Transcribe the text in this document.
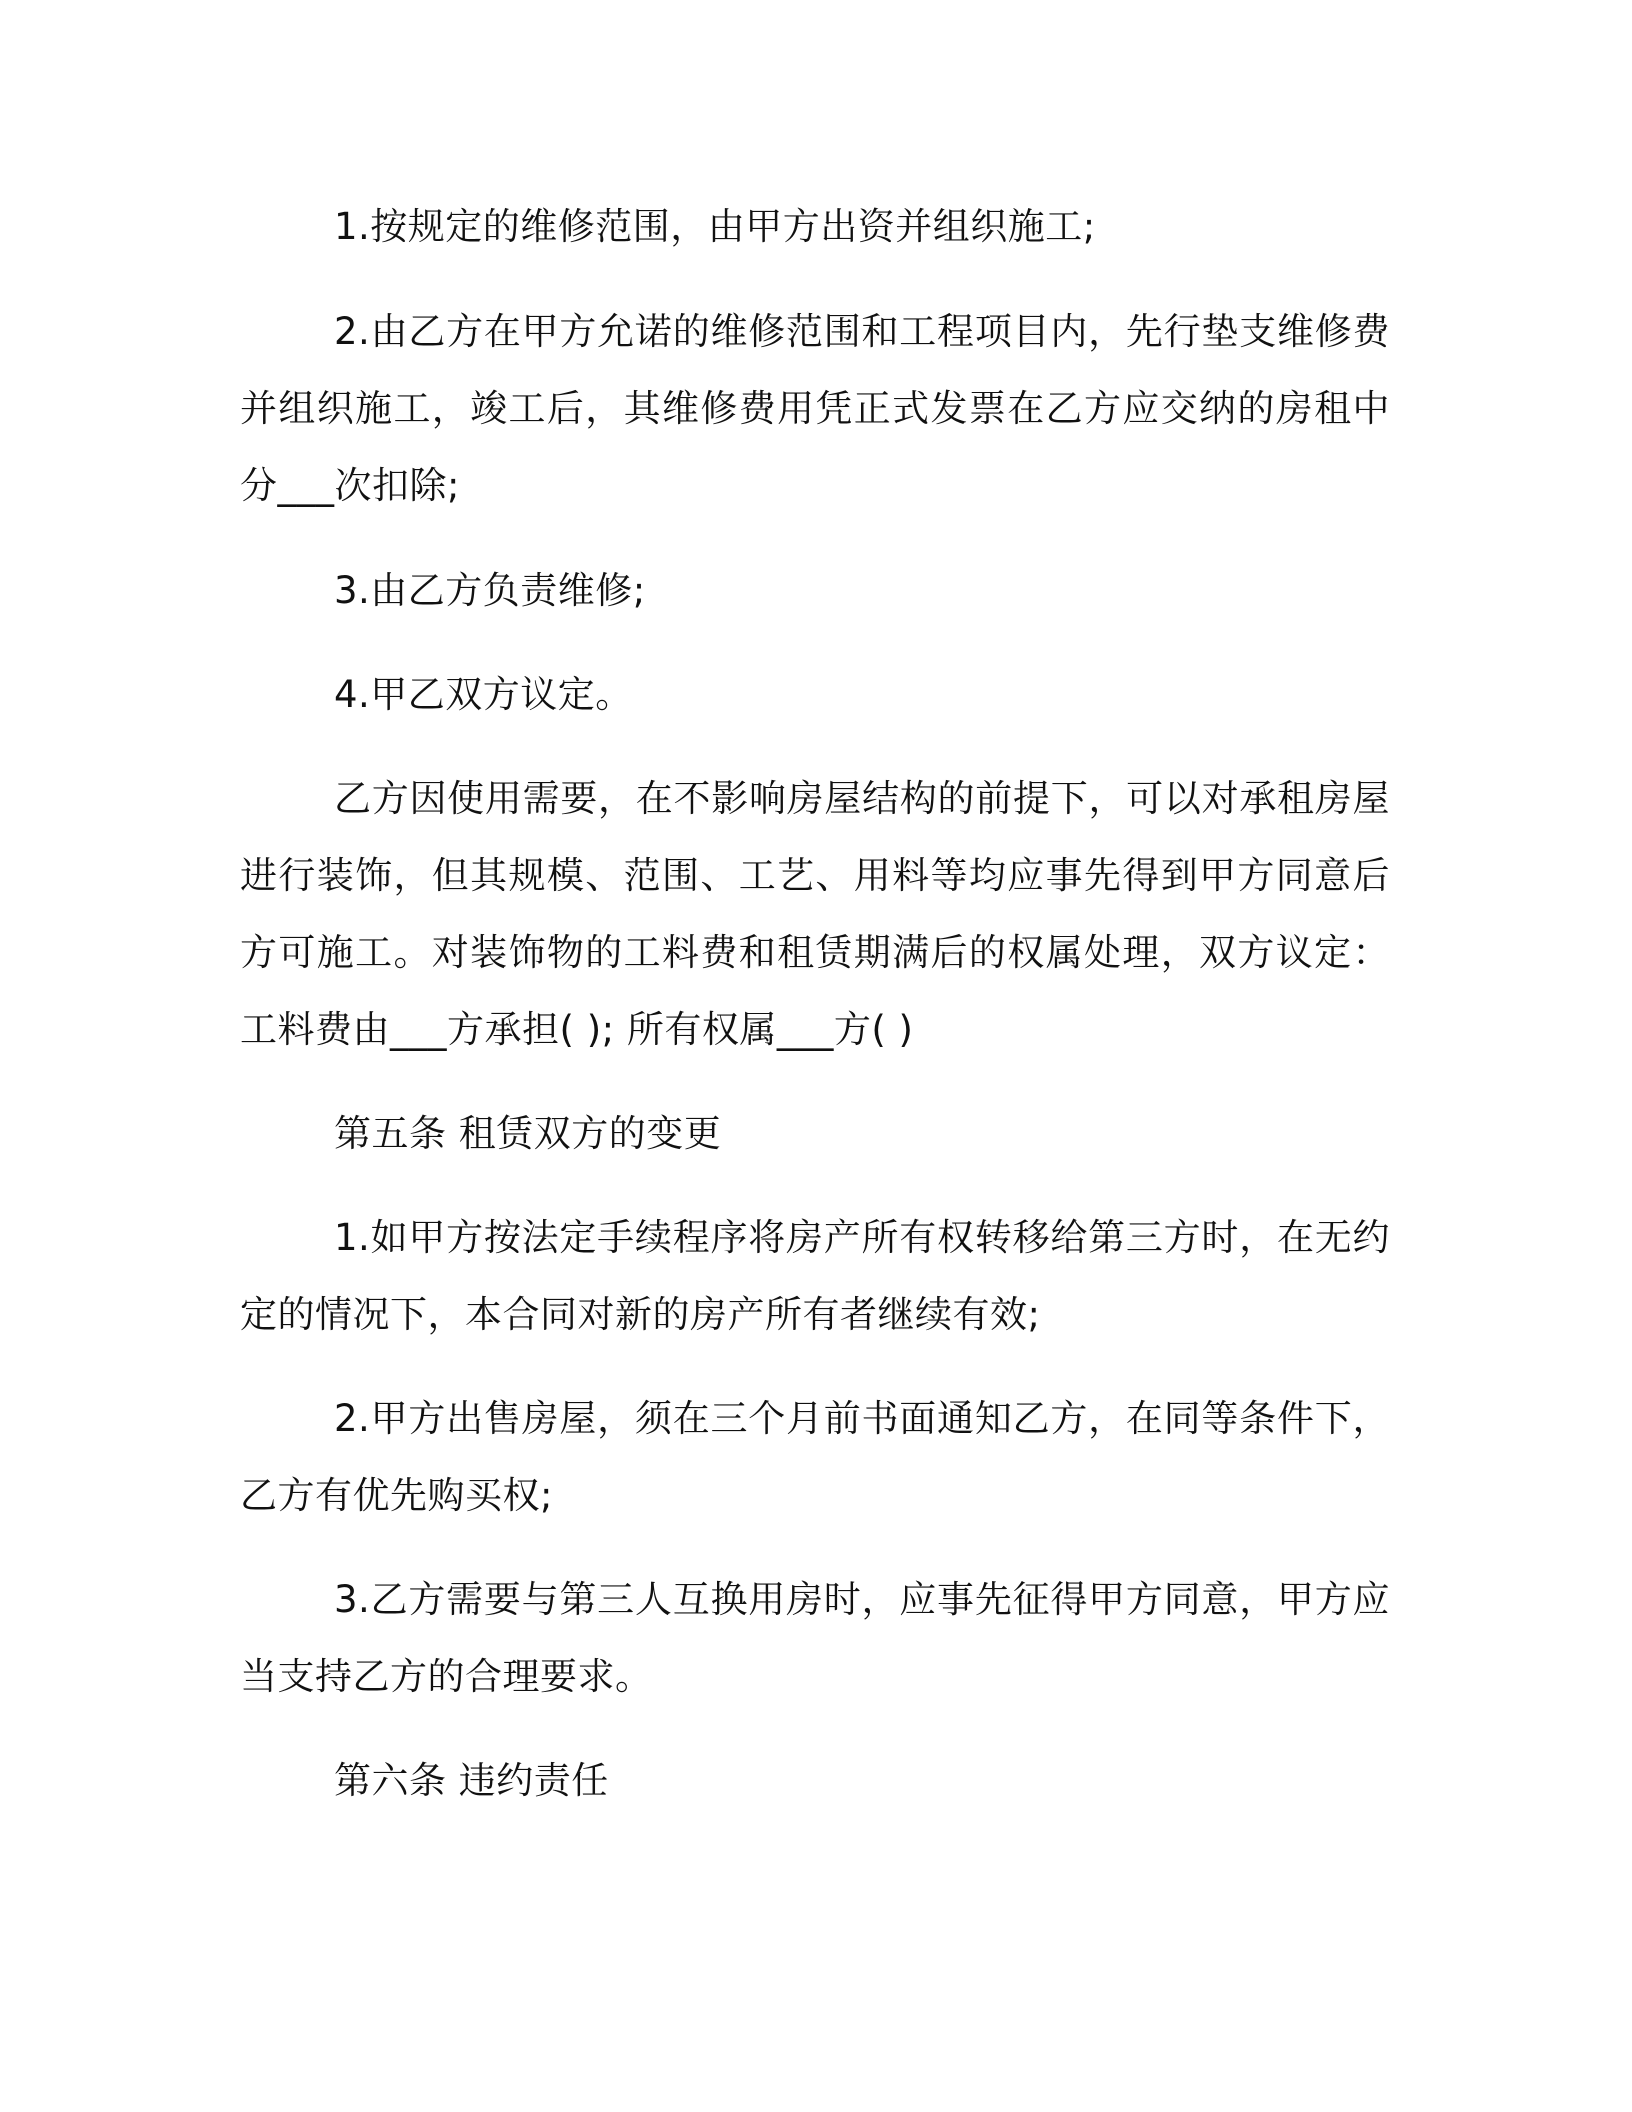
1.按规定的维修范围，由甲方出资并组织施工;

2.由乙方在甲方允诺的维修范围和工程项目内，先行垫支维修费并组织施工，竣工后，其维修费用凭正式发票在乙方应交纳的房租中分___次扣除;

3.由乙方负责维修;

4.甲乙双方议定。

乙方因使用需要，在不影响房屋结构的前提下，可以对承租房屋进行装饰，但其规模、范围、工艺、用料等均应事先得到甲方同意后方可施工。对装饰物的工料费和租赁期满后的权属处理，双方议定：工料费由___方承担( ); 所有权属___方( )

第五条 租赁双方的变更

1.如甲方按法定手续程序将房产所有权转移给第三方时，在无约定的情况下，本合同对新的房产所有者继续有效;

2.甲方出售房屋，须在三个月前书面通知乙方，在同等条件下，乙方有优先购买权;

3.乙方需要与第三人互换用房时，应事先征得甲方同意，甲方应当支持乙方的合理要求。

第六条 违约责任
